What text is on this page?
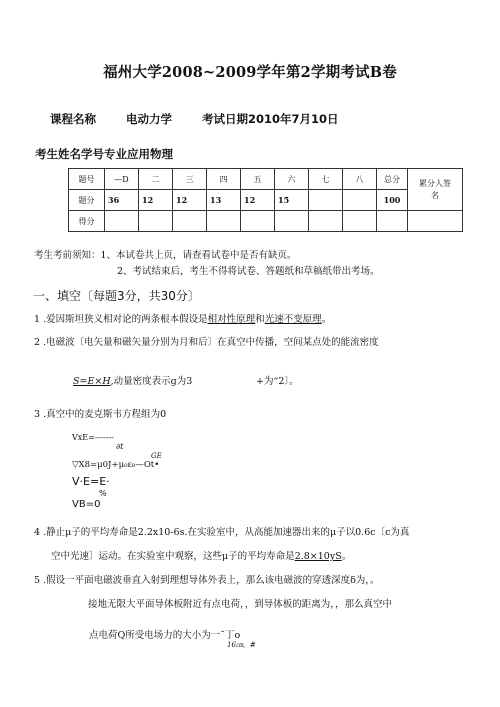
福州大学2008~2009学年第2学期考试B卷
课程名称	电动力学	考试日期2010年7月10日
考生姓名学号专业应用物理
题号	—D	二	三	四	五	六	七	八	总分	累分人签
名
题分	36	12	12	13	12	15			100	
得分										
考生考前须知：1、本试卷共上页，请查看试卷中是否有缺页。
2、考试结束后，考生不得将试卷、答题纸和草稿纸带出考场。
一、填空〔每题3分，共30分〕
1 .爱因斯坦狭义相对论的两条根本假设是相对性原理和光速不变原理。
2 .电磁波〔电矢量和磁矢量分别为月和后〕在真空中传播，空间某点处的能流密度
S=E×H,动量密度表示g为3	+为“2〕。
3 .真空中的麦克斯韦方程组为0
VxE=-------
∂t
GE
▽X8=μ0J+μ₀ε₀—Ot•
V·E=E·
%
VB=0
4 .静止μ子的平均寿命是2.2x10-6s.在实验室中，从高能加速器出来的μ子以0.6c〔c为真
空中光速〕运动。在实验室中观察，这些μ子的平均寿命是2.8×10yS。
5 .假设一平面电磁波垂直入射到理想导体外表上，那么该电磁波的穿透深度δ为，。
接地无限大平面导体板附近有点电荷，，到导体板的距离为，，那么真空中
点电荷Q所受电场力的大小为一ˉ丁o
16㎝。#
